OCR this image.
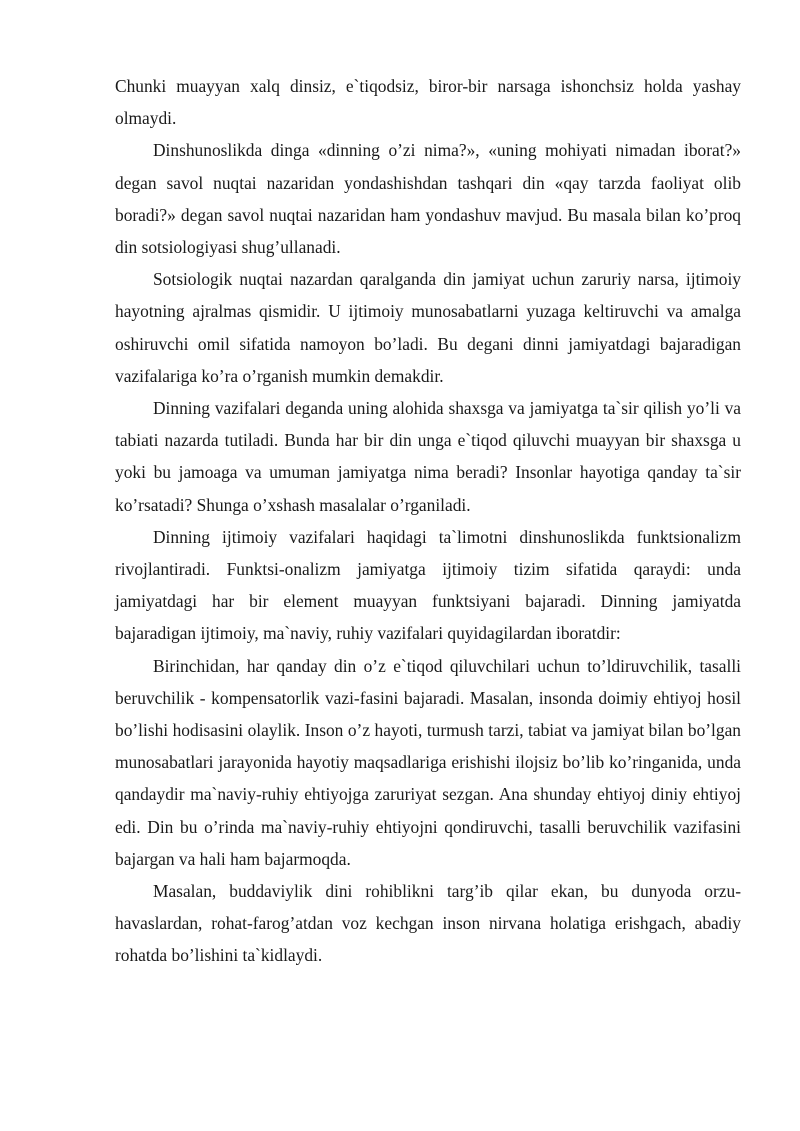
Chunki muayyan xalq dinsiz, e`tiqodsiz, biror-bir narsaga ishonchsiz holda yashay olmaydi.

Dinshunoslikda dinga «dinning o’zi nima?», «uning mohiyati nimadan iborat?» degan savol nuqtai nazaridan yondashishdan tashqari din «qay tarzda faoliyat olib boradi?» degan savol nuqtai nazaridan ham yondashuv mavjud. Bu masala bilan ko’proq din sotsiologiyasi shug’ullanadi.

Sotsiologik nuqtai nazardan qaralganda din jamiyat uchun zaruriy narsa, ijtimoiy hayotning ajralmas qismidir. U ijtimoiy munosabatlarni yuzaga keltiruvchi va amalga oshiruvchi omil sifatida namoyon bo’ladi. Bu degani dinni jamiyatdagi bajaradigan vazifalariga ko’ra o’rganish mumkin demakdir.

Dinning vazifalari deganda uning alohida shaxsga va jamiyatga ta`sir qilish yo’li va tabiati nazarda tutiladi. Bunda har bir din unga e`tiqod qiluvchi muayyan bir shaxsga u yoki bu jamoaga va umuman jamiyatga nima beradi? Insonlar hayotiga qanday ta`sir ko’rsatadi? Shunga o’xshash masalalar o’rganiladi.

Dinning ijtimoiy vazifalari haqidagi ta`limotni dinshunoslikda funktsionalizm rivojlantiradi. Funktsi-onalizm jamiyatga ijtimoiy tizim sifatida qaraydi: unda jamiyatdagi har bir element muayyan funktsiyani bajaradi. Dinning jamiyatda bajaradigan ijtimoiy, ma`naviy, ruhiy vazifalari quyidagilardan iboratdir:

Birinchidan, har qanday din o’z e`tiqod qiluvchilari uchun to’ldiruvchilik, tasalli beruvchilik - kompensatorlik vazi-fasini bajaradi. Masalan, insonda doimiy ehtiyoj hosil bo’lishi hodisasini olaylik. Inson o’z hayoti, turmush tarzi, tabiat va jamiyat bilan bo’lgan munosabatlari jarayonida hayotiy maqsadlariga erishishi ilojsiz bo’lib ko’ringanida, unda qandaydir ma`naviy-ruhiy ehtiyojga zaruriyat sezgan. Ana shunday ehtiyoj diniy ehtiyoj edi. Din bu o’rinda ma`naviy-ruhiy ehtiyojni qondiruvchi, tasalli beruvchilik vazifasini bajargan va hali ham bajarmoqda.

Masalan, buddaviylik dini rohiblikni targ’ib qilar ekan, bu dunyoda orzu-havaslardan, rohat-farog’atdan voz kechgan inson nirvana holatiga erishgach, abadiy rohatda bo’lishini ta`kidlaydi.
